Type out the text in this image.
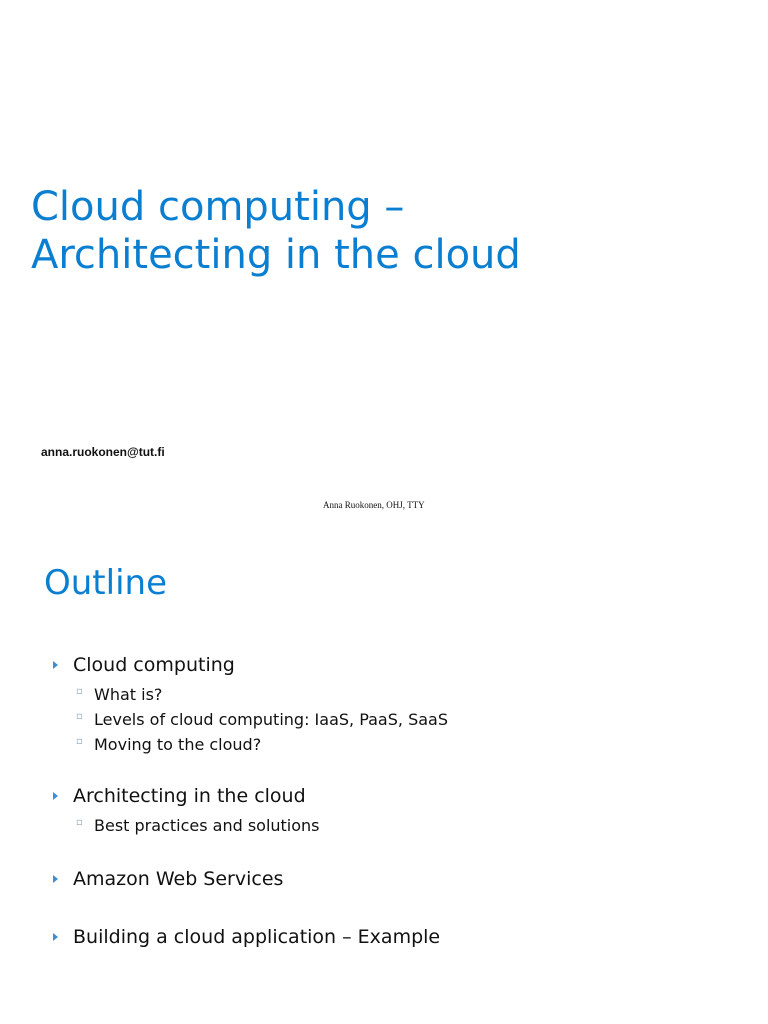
Cloud computing –
Architecting in the cloud
anna.ruokonen@tut.fi
Anna Ruokonen, OHJ, TTY
Outline
Cloud computing
▫ What is?
▫ Levels of cloud computing: IaaS, PaaS, SaaS
▫ Moving to the cloud?
Architecting in the cloud
▫ Best practices and solutions
Amazon Web Services
Building a cloud application – Example
